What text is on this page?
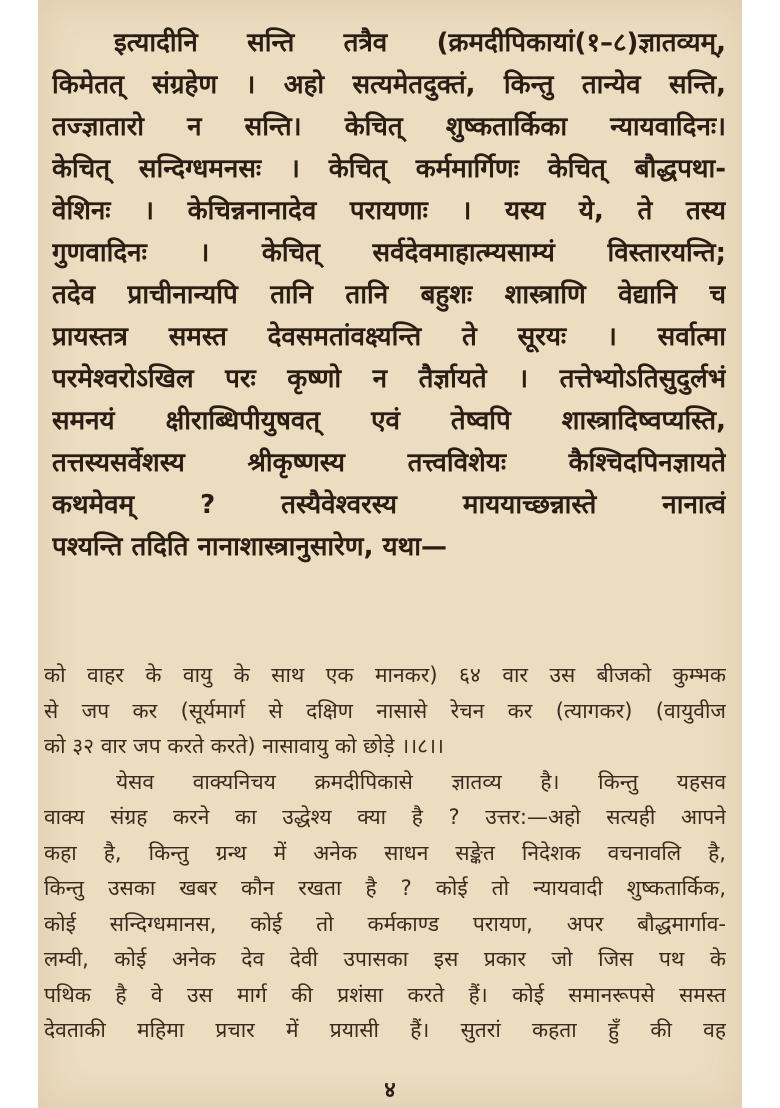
इत्यादीनि सन्ति तत्रैव (क्रमदीपिकायां(१–८)ज्ञातव्यम्,
किमेतत् संग्रहेण । अहो सत्यमेतदुक्तं, किन्तु तान्येव सन्ति,
तज्ज्ञातारो न सन्ति। केचित् शुष्कतार्किका न्यायवादिनः।
केचित् सन्दिग्धमनसः । केचित् कर्ममार्गिणः केचित् बौद्धपथा-
वेशिनः । केचिन्ननानादेव परायणाः । यस्य ये, ते तस्य
गुणवादिनः । केचित् सर्वदेवमाहात्म्यसाम्यं विस्तारयन्ति;
तदेव प्राचीनान्यपि तानि तानि बहुशः शास्त्राणि वेद्यानि च
प्रायस्तत्र समस्त देवसमतांवक्ष्यन्ति ते सूरयः । सर्वात्मा
परमेश्वरोऽखिल परः कृष्णो न तैर्ज्ञायते । तत्तेभ्योऽतिसुदुर्लभं
समनयं क्षीराब्धिपीयुषवत् एवं तेष्वपि शास्त्रादिष्वप्यस्ति,
तत्तस्यसर्वेशस्य श्रीकृष्णस्य तत्त्वविशेयः कैश्चिदपिनज्ञायते
कथमेवम् ? तस्यैवेश्वरस्य माययाच्छन्नास्ते नानात्वं
पश्यन्ति तदिति नानाशास्त्रानुसारेण, यथा—
को वाहर के वायु के साथ एक मानकर) ६४ वार उस बीजको कुम्भक
से जप कर (सूर्यमार्ग से दक्षिण नासासे रेचन कर (त्यागकर) (वायुवीज
को ३२ वार जप करते करते) नासावायु को छोड़े ।।८।।
येसव वाक्यनिचय क्रमदीपिकासे ज्ञातव्य है। किन्तु यहसव
वाक्य संग्रह करने का उद्धेश्य क्या है ? उत्तर:—अहो सत्यही आपने
कहा है, किन्तु ग्रन्थ में अनेक साधन सङ्केत निदेशक वचनावलि है,
किन्तु उसका खबर कौन रखता है ? कोई तो न्यायवादी शुष्कतार्किक,
कोई सन्दिग्धमानस, कोई तो कर्मकाण्ड परायण, अपर बौद्धमार्गाव-
लम्वी, कोई अनेक देव देवी उपासका इस प्रकार जो जिस पथ के
पथिक है वे उस मार्ग की प्रशंसा करते हैं। कोई समानरूपसे समस्त
देवताकी महिमा प्रचार में प्रयासी हैं। सुतरां कहता हुँ की वह
४
